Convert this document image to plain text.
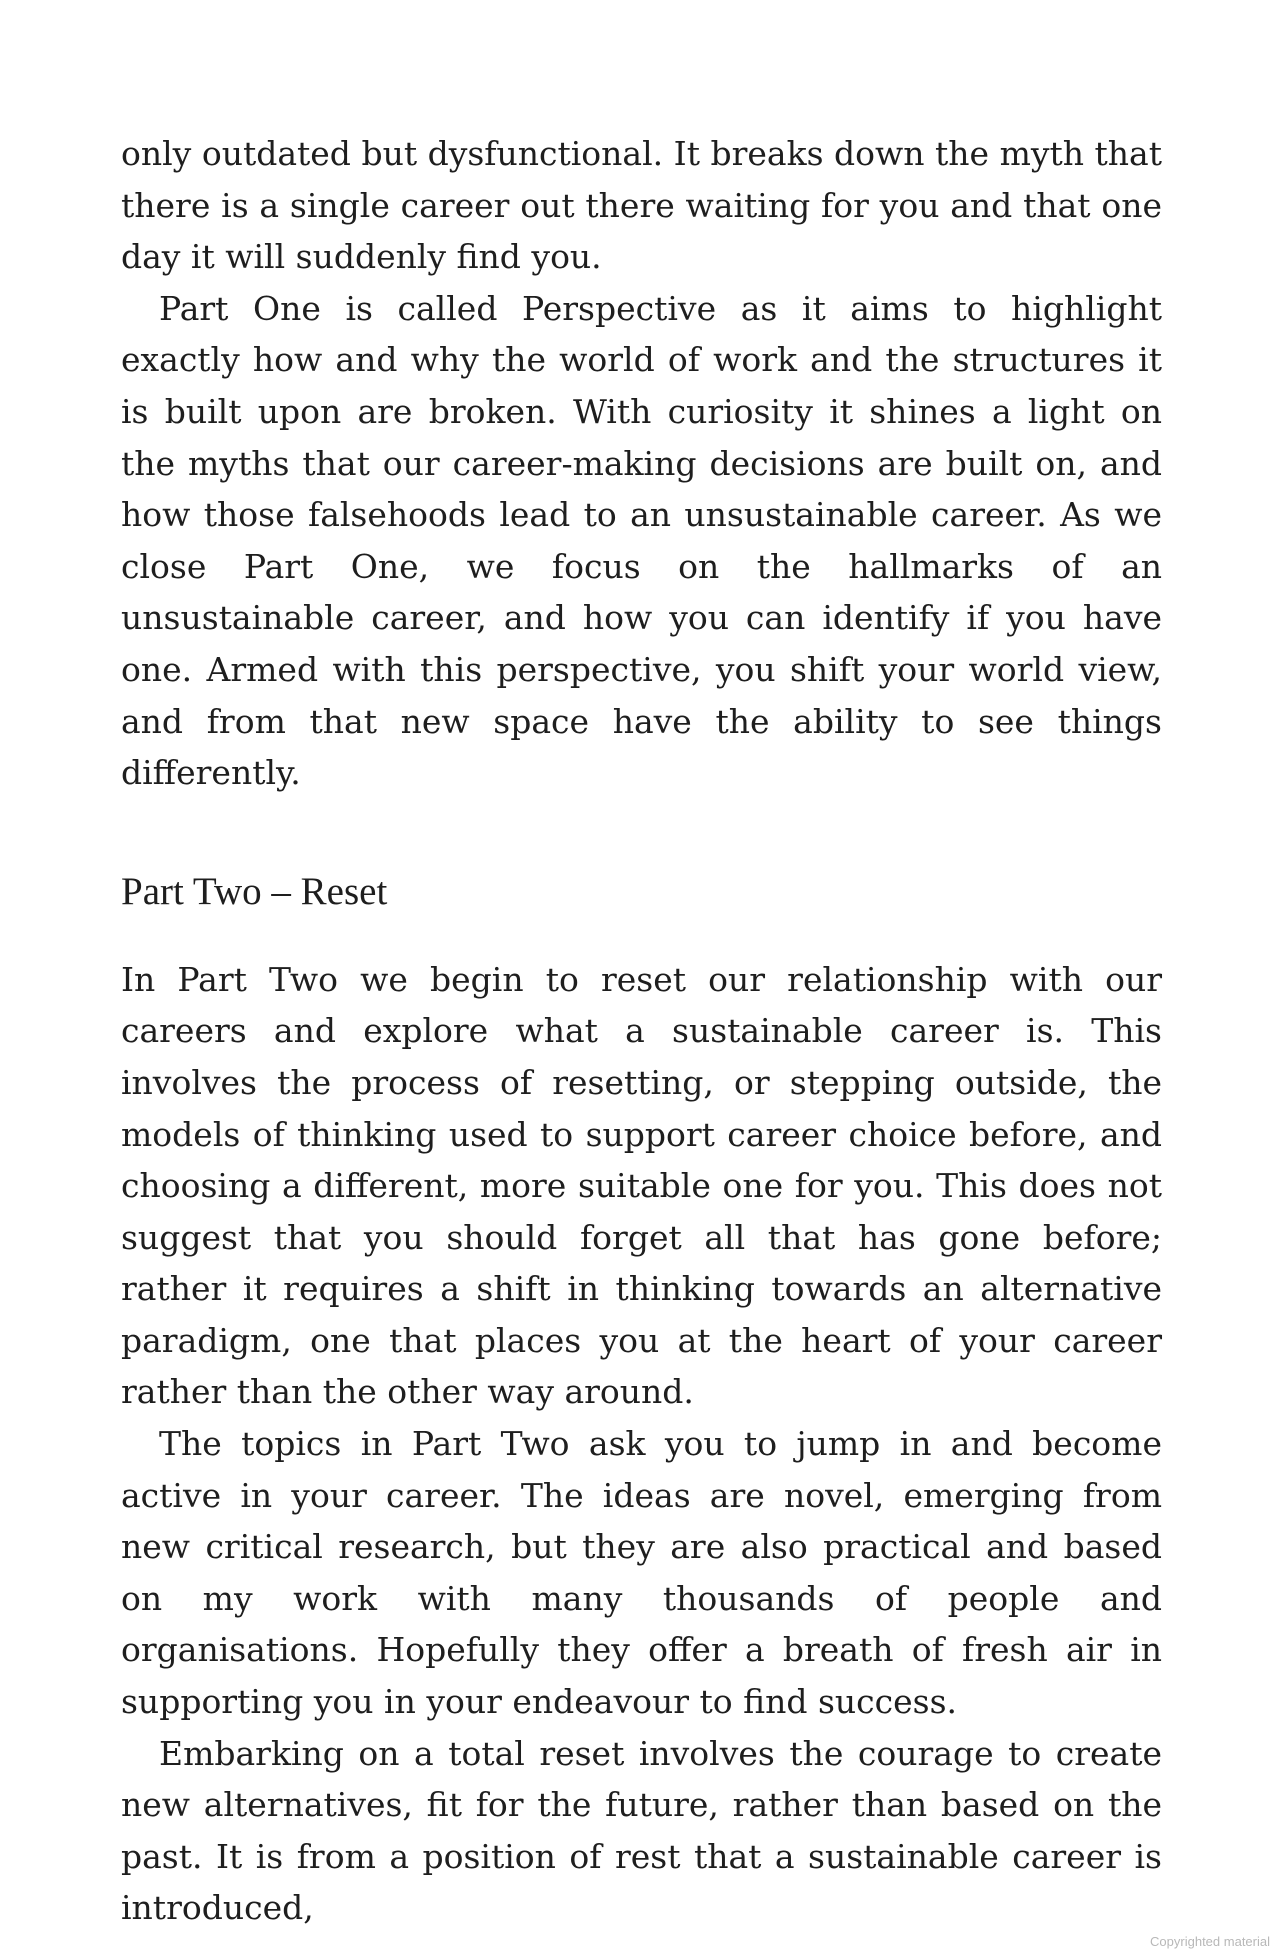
only outdated but dysfunctional. It breaks down the myth that there is a single career out there waiting for you and that one day it will suddenly find you.

Part One is called Perspective as it aims to highlight exactly how and why the world of work and the structures it is built upon are broken. With curiosity it shines a light on the myths that our career-making decisions are built on, and how those falsehoods lead to an unsustainable career. As we close Part One, we focus on the hallmarks of an unsustainable career, and how you can identify if you have one. Armed with this perspective, you shift your world view, and from that new space have the ability to see things differently.

Part Two – Reset

In Part Two we begin to reset our relationship with our careers and explore what a sustainable career is. This involves the process of resetting, or stepping outside, the models of thinking used to support career choice before, and choosing a different, more suitable one for you. This does not suggest that you should forget all that has gone before; rather it requires a shift in thinking towards an alternative paradigm, one that places you at the heart of your career rather than the other way around.

The topics in Part Two ask you to jump in and become active in your career. The ideas are novel, emerging from new critical research, but they are also practical and based on my work with many thousands of people and organisations. Hopefully they offer a breath of fresh air in supporting you in your endeavour to find success.

Embarking on a total reset involves the courage to create new alternatives, fit for the future, rather than based on the past. It is from a position of rest that a sustainable career is introduced,

Copyrighted material
